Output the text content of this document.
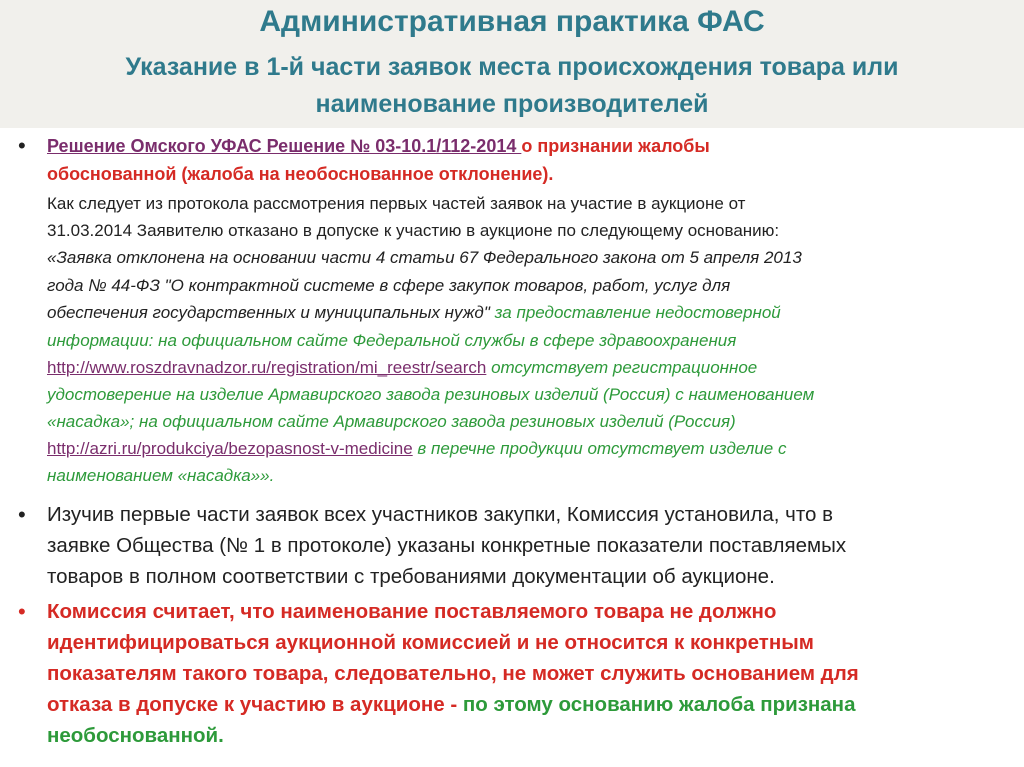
Административная практика ФАС
Указание в 1-й части заявок места происхождения товара или
наименование производителей
• Решение Омского УФАС Решение № 03-10.1/112-2014 о признании жалобы
обоснованной (жалоба на необоснованное отклонение).
Как следует из протокола рассмотрения первых частей заявок на участие в аукционе от
31.03.2014 Заявителю отказано в допуске к участию в аукционе по следующему основанию:
«Заявка отклонена на основании части 4 статьи 67 Федерального закона от 5 апреля 2013
года № 44-ФЗ "О контрактной системе в сфере закупок товаров, работ, услуг для
обеспечения государственных и муниципальных нужд" за предоставление недостоверной
информации: на официальном сайте Федеральной службы в сфере здравоохранения
http://www.roszdravnadzor.ru/registration/mi_reestr/search отсутствует регистрационное
удостоверение на изделие Армавирского завода резиновых изделий (Россия) с наименованием
«насадка»; на официальном сайте Армавирского завода резиновых изделий (Россия)
http://azri.ru/produkciya/bezopasnost-v-medicine в перечне продукции отсутствует изделие с
наименованием «насадка»».
• Изучив первые части заявок всех участников закупки, Комиссия установила, что в
заявке Общества (№ 1 в протоколе) указаны конкретные показатели поставляемых
товаров в полном соответствии с требованиями документации об аукционе.
• Комиссия считает, что наименование поставляемого товара не должно
идентифицироваться аукционной комиссией и не относится к конкретным
показателям такого товара, следовательно, не может служить основанием для
отказа в допуске к участию в аукционе - по этому основанию жалоба признана
необоснованной.
